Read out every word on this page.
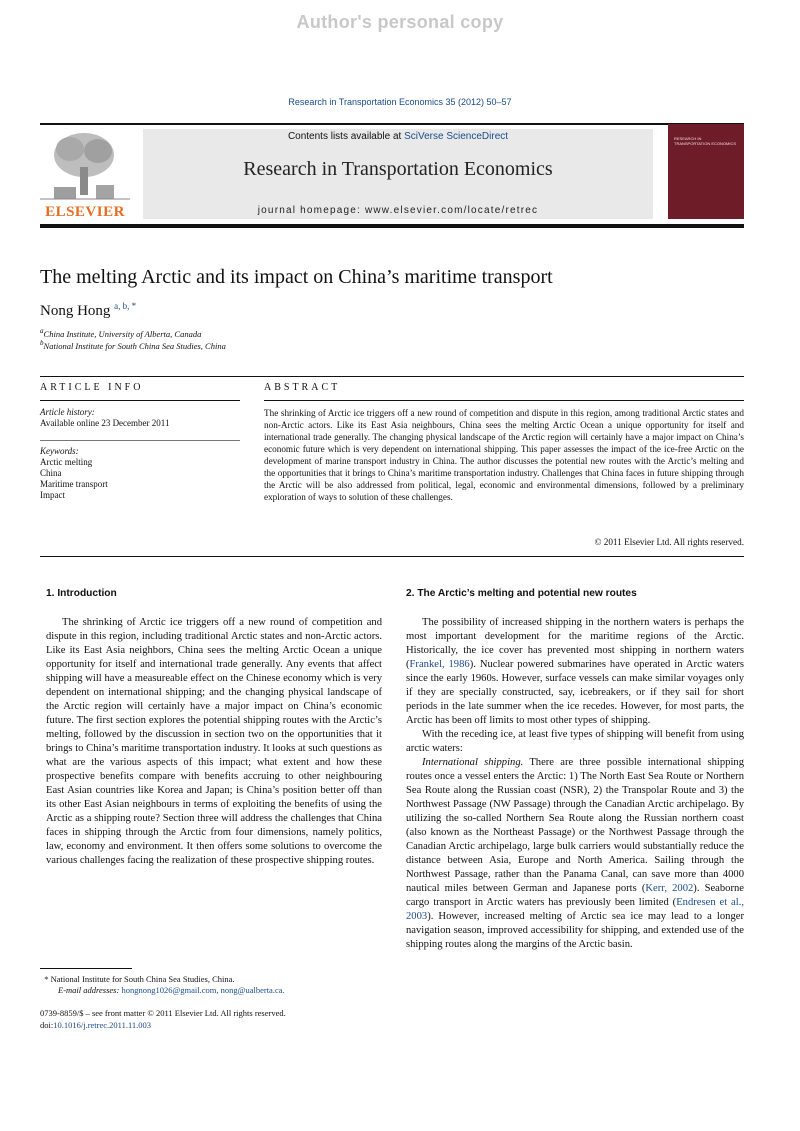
Author's personal copy
Research in Transportation Economics 35 (2012) 50–57
ELSEVIER
Contents lists available at SciVerse ScienceDirect
Research in Transportation Economics
journal homepage: www.elsevier.com/locate/retrec
RESEARCH IN TRANSPORTATION ECONOMICS
The melting Arctic and its impact on China’s maritime transport
Nong Hong $^{a, b, *}$
$^a$China Institute, University of Alberta, Canada
$^b$National Institute for South China Sea Studies, China
ARTICLE INFO	ABSTRACT
Article history:
Available online 23 December 2011
Keywords:
Arctic melting
China
Maritime transport
Impact
The shrinking of Arctic ice triggers off a new round of competition and dispute in this region, among traditional Arctic states and non-Arctic actors. Like its East Asia neighbours, China sees the melting Arctic Ocean a unique opportunity for itself and international trade generally. The changing physical landscape of the Arctic region will certainly have a major impact on China’s economic future which is very dependent on international shipping. This paper assesses the impact of the ice-free Arctic on the development of marine transport industry in China. The author discusses the potential new routes with the Arctic’s melting and the opportunities that it brings to China’s maritime transportation industry. Challenges that China faces in future shipping through the Arctic will be also addressed from political, legal, economic and environmental dimensions, followed by a preliminary exploration of ways to solution of these challenges.
© 2011 Elsevier Ltd. All rights reserved.
1. Introduction

The shrinking of Arctic ice triggers off a new round of competition and dispute in this region, including traditional Arctic states and non-Arctic actors. Like its East Asia neighbors, China sees the melting Arctic Ocean a unique opportunity for itself and international trade generally. Any events that affect shipping will have a measureable effect on the Chinese economy which is very dependent on international shipping; and the changing physical landscape of the Arctic region will certainly have a major impact on China’s economic future. The first section explores the potential shipping routes with the Arctic’s melting, followed by the discussion in section two on the opportunities that it brings to China’s maritime transportation industry. It looks at such questions as what are the various aspects of this impact; what extent and how these prospective benefits compare with benefits accruing to other neighbouring East Asian countries like Korea and Japan; is China’s position better off than its other East Asian neighbours in terms of exploiting the benefits of using the Arctic as a shipping route? Section three will address the challenges that China faces in shipping through the Arctic from four dimensions, namely politics, law, economy and environment. It then offers some solutions to overcome the various challenges facing the realization of these prospective shipping routes.

2. The Arctic’s melting and potential new routes

The possibility of increased shipping in the northern waters is perhaps the most important development for the maritime regions of the Arctic. Historically, the ice cover has prevented most shipping in northern waters (Frankel, 1986). Nuclear powered submarines have operated in Arctic waters since the early 1960s. However, surface vessels can make similar voyages only if they are specially constructed, say, icebreakers, or if they sail for short periods in the late summer when the ice recedes. However, for most parts, the Arctic has been off limits to most other types of shipping.

With the receding ice, at least five types of shipping will benefit from using arctic waters:

International shipping. There are three possible international shipping routes once a vessel enters the Arctic: 1) The North East Sea Route or Northern Sea Route along the Russian coast (NSR), 2) the Transpolar Route and 3) the Northwest Passage (NW Passage) through the Canadian Arctic archipelago. By utilizing the so-called Northern Sea Route along the Russian northern coast (also known as the Northeast Passage) or the Northwest Passage through the Canadian Arctic archipelago, large bulk carriers would substantially reduce the distance between Asia, Europe and North America. Sailing through the Northwest Passage, rather than the Panama Canal, can save more than 4000 nautical miles between German and Japanese ports (Kerr, 2002). Seaborne cargo transport in Arctic waters has previously been limited (Endresen et al., 2003). However, increased melting of Arctic sea ice may lead to a longer navigation season, improved accessibility for shipping, and extended use of the shipping routes along the margins of the Arctic basin.

* National Institute for South China Sea Studies, China.
E-mail addresses: hongnong1026@gmail.com, nong@ualberta.ca.
0739-8859/$ – see front matter © 2011 Elsevier Ltd. All rights reserved.
doi:10.1016/j.retrec.2011.11.003
